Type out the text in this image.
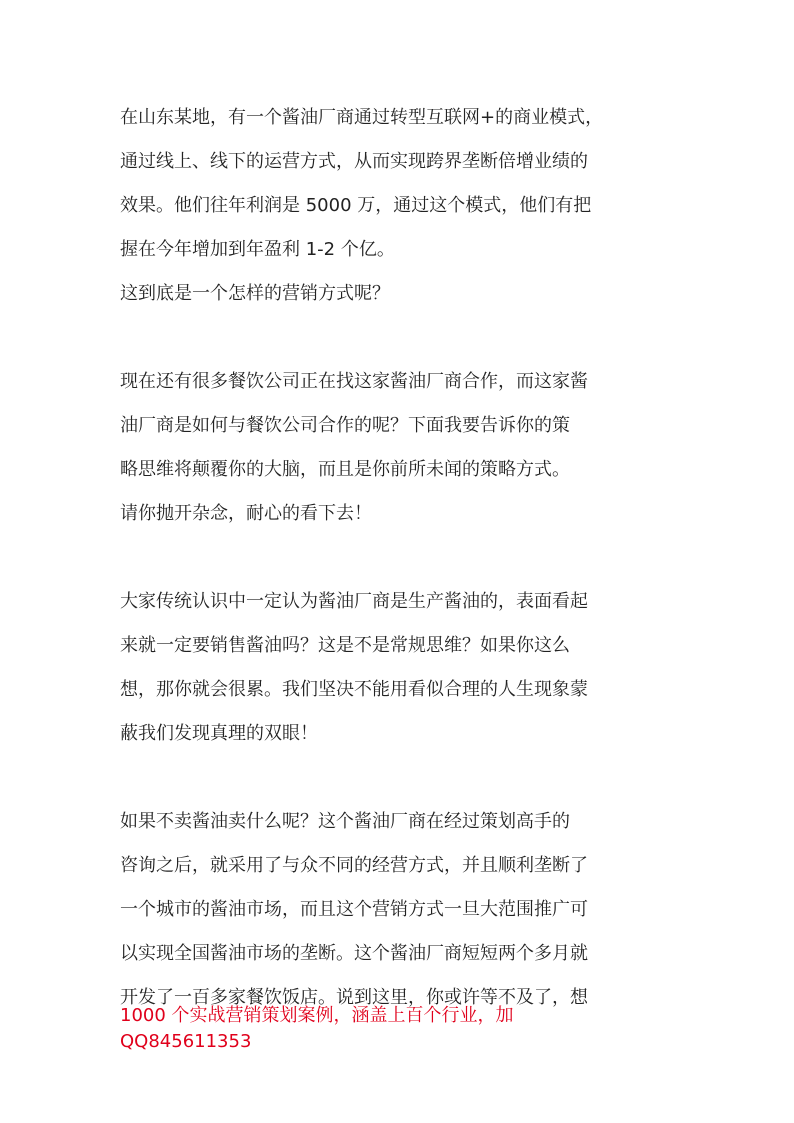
在山东某地，有一个酱油厂商通过转型互联网+的商业模式，
通过线上、线下的运营方式，从而实现跨界垄断倍增业绩的
效果。他们往年利润是 5000 万，通过这个模式，他们有把
握在今年增加到年盈利 1-2 个亿。

这到底是一个怎样的营销方式呢？

现在还有很多餐饮公司正在找这家酱油厂商合作，而这家酱
油厂商是如何与餐饮公司合作的呢？下面我要告诉你的策
略思维将颠覆你的大脑，而且是你前所未闻的策略方式。
请你抛开杂念，耐心的看下去！

大家传统认识中一定认为酱油厂商是生产酱油的，表面看起
来就一定要销售酱油吗？这是不是常规思维？如果你这么
想，那你就会很累。我们坚决不能用看似合理的人生现象蒙
蔽我们发现真理的双眼！

如果不卖酱油卖什么呢？这个酱油厂商在经过策划高手的
咨询之后，就采用了与众不同的经营方式，并且顺利垄断了
一个城市的酱油市场，而且这个营销方式一旦大范围推广可
以实现全国酱油市场的垄断。这个酱油厂商短短两个多月就
开发了一百多家餐饮饭店。说到这里，你或许等不及了，想

1000 个实战营销策划案例，涵盖上百个行业，加
QQ845611353
